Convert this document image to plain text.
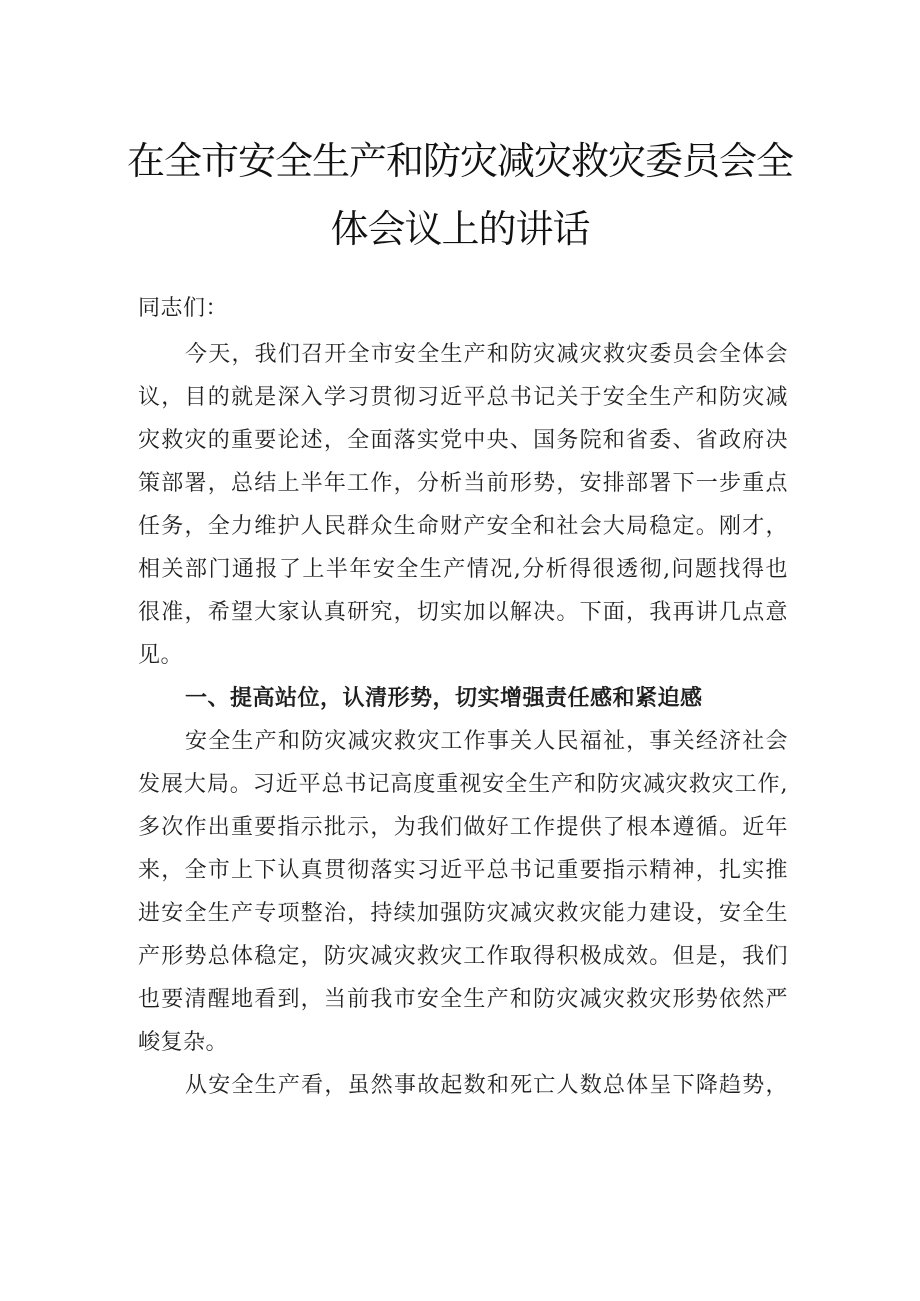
在全市安全生产和防灾减灾救灾委员会全
体会议上的讲话
同志们：
今天，我们召开全市安全生产和防灾减灾救灾委员会全体会
议，目的就是深入学习贯彻习近平总书记关于安全生产和防灾减
灾救灾的重要论述，全面落实党中央、国务院和省委、省政府决
策部署，总结上半年工作，分析当前形势，安排部署下一步重点
任务，全力维护人民群众生命财产安全和社会大局稳定。刚才，
相关部门通报了上半年安全生产情况,分析得很透彻,问题找得也
很准，希望大家认真研究，切实加以解决。下面，我再讲几点意
见。
一、提高站位，认清形势，切实增强责任感和紧迫感
安全生产和防灾减灾救灾工作事关人民福祉，事关经济社会
发展大局。习近平总书记高度重视安全生产和防灾减灾救灾工作,
多次作出重要指示批示，为我们做好工作提供了根本遵循。近年
来，全市上下认真贯彻落实习近平总书记重要指示精神，扎实推
进安全生产专项整治，持续加强防灾减灾救灾能力建设，安全生
产形势总体稳定，防灾减灾救灾工作取得积极成效。但是，我们
也要清醒地看到，当前我市安全生产和防灾减灾救灾形势依然严
峻复杂。
从安全生产看，虽然事故起数和死亡人数总体呈下降趋势，
